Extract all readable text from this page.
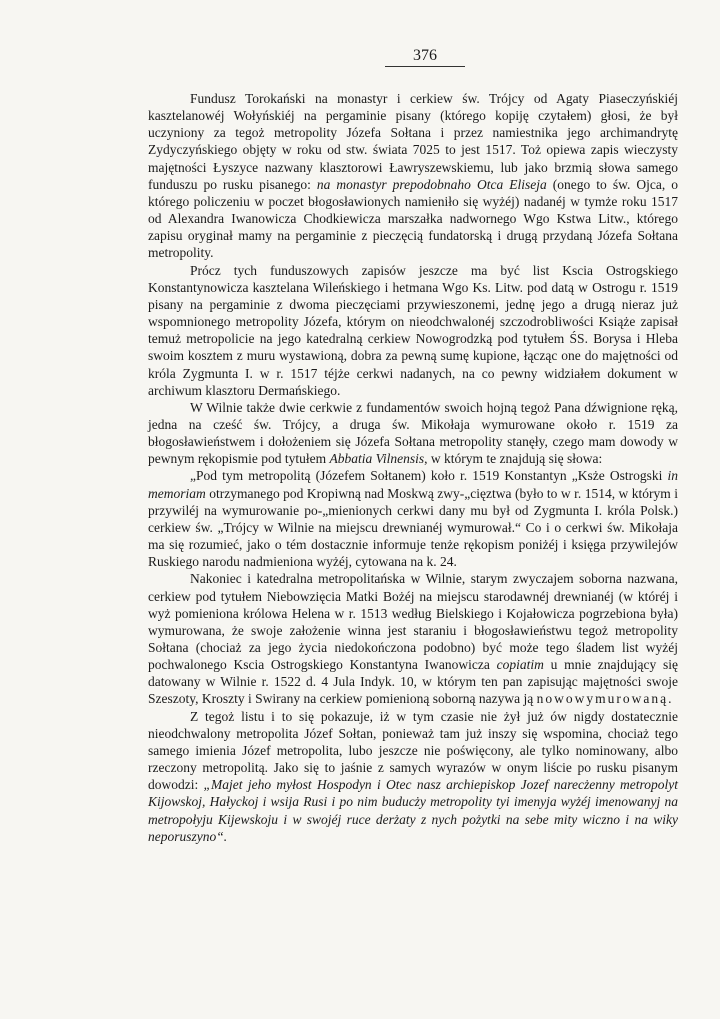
376

Fundusz Torokański na monastyr i cerkiew św. Trójcy od Agaty Piaseczyńskiéj kasztelanowéj Wołyńskiéj na pergaminie pisany (którego kopiję czytałem) głosi, że był uczyniony za tegoż metropolity Józefa Sołtana i przez namiestnika jego archimandrytę Zydyczyńskiego objęty w roku od stw. świata 7025 to jest 1517. Toż opiewa zapis wieczysty majętności Łyszyce nazwany klasztorowi Ławryszewskiemu, lub jako brzmią słowa samego funduszu po rusku pisanego: na monastyr prepodobnaho Otca Eliseja (onego to św. Ojca, o którego policzeniu w poczet błogosławionych namieniło się wyżéj) nadanéj w tymże roku 1517 od Alexandra Iwanowicza Chodkiewicza marszałka nadwornego Wgo Kstwa Litw., którego zapisu oryginał mamy na pergaminie z pieczęcią fundatorską i drugą przydaną Józefa Sołtana metropolity.

Prócz tych funduszowych zapisów jeszcze ma być list Kscia Ostrogskiego Konstantynowicza kasztelana Wileńskiego i hetmana Wgo Ks. Litw. pod datą w Ostrogu r. 1519 pisany na pergaminie z dwoma pieczęciami przywieszonemi, jednę jego a drugą nieraz już wspomnionego metropolity Józefa, którym on nieodchwalonéj szczodrobliwości Książe zapisał temuż metropolicie na jego katedralną cerkiew Nowogrodzką pod tytułem ŚS. Borysa i Hleba swoim kosztem z muru wystawioną, dobra za pewną sumę kupione, łącząc one do majętności od króla Zygmunta I. w r. 1517 téjże cerkwi nadanych, na co pewny widziałem dokument w archiwum klasztoru Dermańskiego.

W Wilnie także dwie cerkwie z fundamentów swoich hojną tegoż Pana dźwignione ręką, jedna na cześć św. Trójcy, a druga św. Mikołaja wymurowane około r. 1519 za błogosławieństwem i dołożeniem się Józefa Sołtana metropolity stanęły, czego mam dowody w pewnym rękopismie pod tytułem Abbatia Vilnensis, w którym te znajdują się słowa:

„Pod tym metropolitą (Józefem Sołtanem) koło r. 1519 Konstantyn „Ksże Ostrogski in memoriam otrzymanego pod Kropiwną nad Moskwą zwy-„cięztwa (było to w r. 1514, w którym i przywiléj na wymurowanie po-„mienionych cerkwi dany mu był od Zygmunta I. króla Polsk.) cerkiew św. „Trójcy w Wilnie na miejscu drewnianéj wymurował.“ Co i o cerkwi św. Mikołaja ma się rozumieć, jako o tém dostacznie informuje tenże rękopism poniżéj i księga przywilejów Ruskiego narodu nadmieniona wyżéj, cytowana na k. 24.

Nakoniec i katedralna metropolitańska w Wilnie, starym zwyczajem soborna nazwana, cerkiew pod tytułem Niebowzięcia Matki Bożéj na miejscu starodawnéj drewnianéj (w któréj i wyż pomieniona królowa Helena w r. 1513 według Bielskiego i Kojałowicza pogrzebiona była) wymurowana, że swoje założenie winna jest staraniu i błogosławieństwu tegoż metropolity Sołtana (chociaż za jego życia niedokończona podobno) być może tego śladem list wyżéj pochwalonego Kscia Ostrogskiego Konstantyna Iwanowicza copiatim u mnie znajdujący się datowany w Wilnie r. 1522 d. 4 Jula Indyk. 10, w którym ten pan zapisując majętności swoje Szeszoty, Kroszty i Swirany na cerkiew pomienioną soborną nazywa ją nowowymurowaną.

Z tegoż listu i to się pokazuje, iż w tym czasie nie żył już ów nigdy dostatecznie nieodchwalony metropolita Józef Sołtan, ponieważ tam już inszy się wspomina, chociaż tego samego imienia Józef metropolita, lubo jeszcze nie poświęcony, ale tylko nominowany, albo rzeczony metropolitą. Jako się to jaśnie z samych wyrazów w onym liście po rusku pisanym dowodzi: „Majet jeho myłost Hospodyn i Otec nasz archiepiskop Jozef narecżenny metropolyt Kijowskoj, Hałyckoj i wsija Rusi i po nim buducży metropolity tyi imenyja wyżéj imenowanyj na metropołyju Kijewskoju i w swojéj ruce derżaty z nych pożytki na sebe mity wiczno i na wiky neporuszyno“.
